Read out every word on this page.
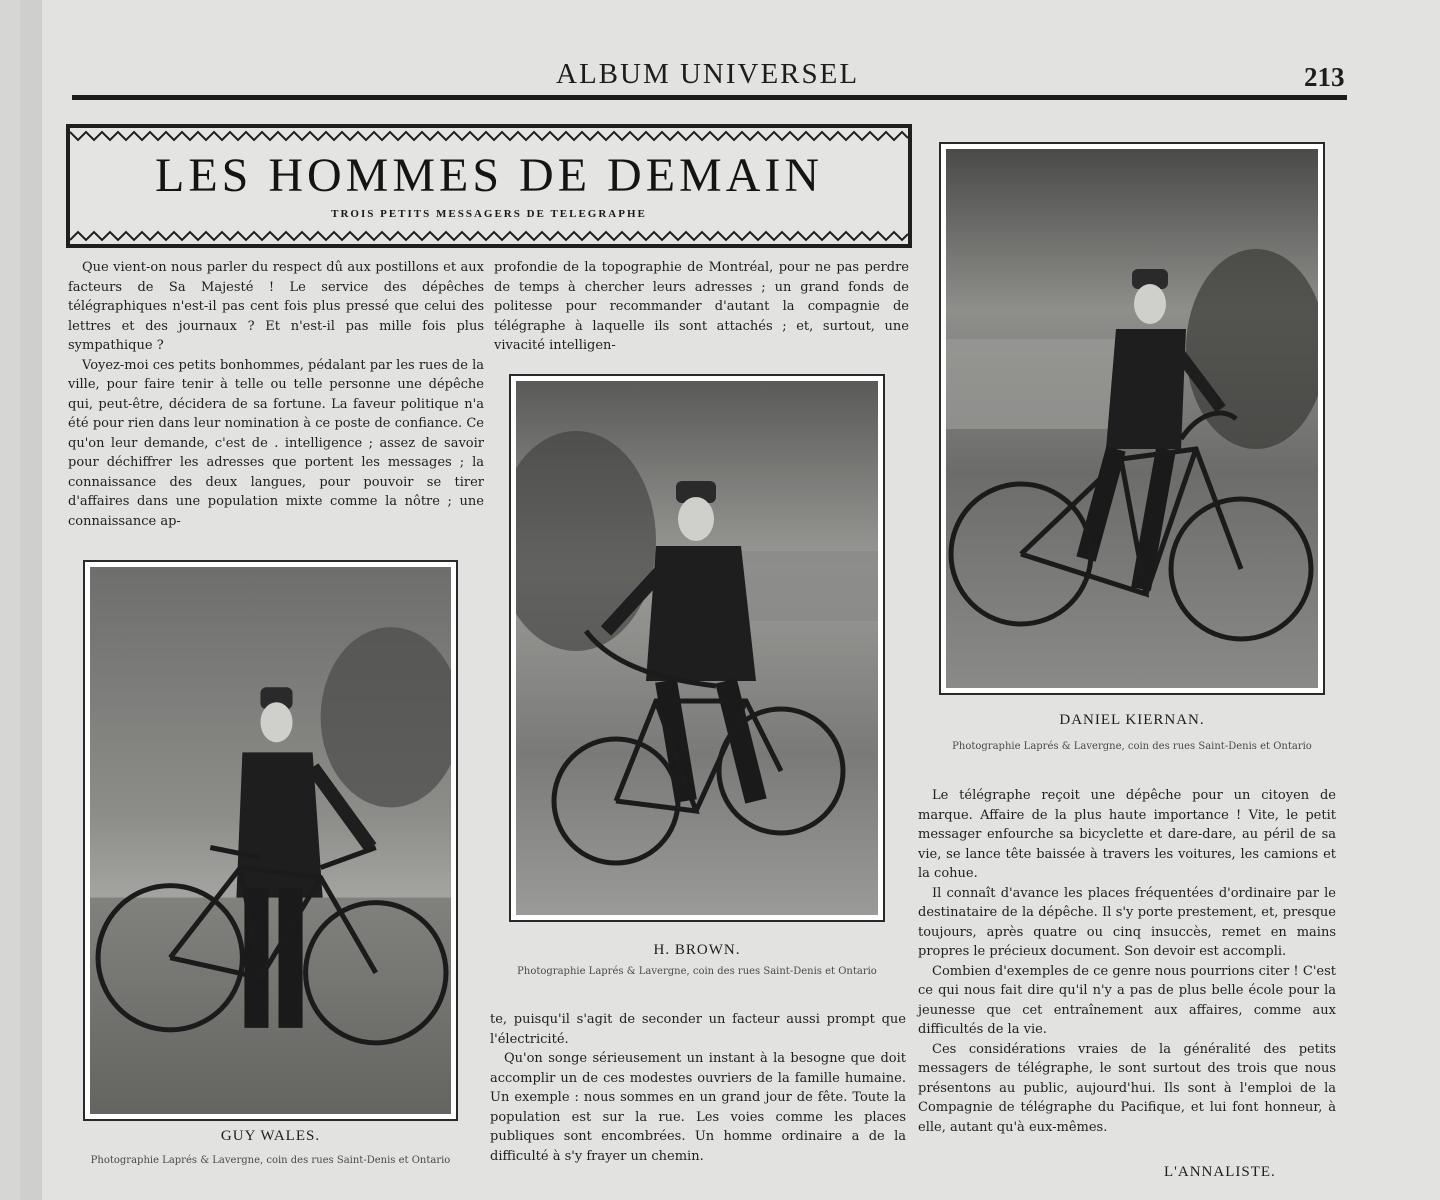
ALBUM UNIVERSEL	213
LES HOMMES DE DEMAIN
TROIS PETITS MESSAGERS DE TELEGRAPHE

Que vient-on nous parler du respect dû aux postillons et aux facteurs de Sa Majesté ! Le service des dépêches télégraphiques n'est-il pas cent fois plus pressé que celui des lettres et des journaux ? Et n'est-il pas mille fois plus sympathique ?

Voyez-moi ces petits bonhommes, pédalant par les rues de la ville, pour faire tenir à telle ou telle personne une dépêche qui, peut-être, décidera de sa fortune. La faveur politique n'a été pour rien dans leur nomination à ce poste de confiance. Ce qu'on leur demande, c'est de . intelligence ; assez de savoir pour déchiffrer les adresses que portent les messages ; la connaissance des deux langues, pour pouvoir se tirer d'affaires dans une population mixte comme la nôtre ; une connaissance ap-

profondie de la topographie de Montréal, pour ne pas perdre de temps à chercher leurs adresses ; un grand fonds de politesse pour recommander d'autant la compagnie de télégraphe à laquelle ils sont attachés ; et, surtout, une vivacité intelligen-

te, puisqu'il s'agit de seconder un facteur aussi prompt que l'électricité.

Qu'on songe sérieusement un instant à la besogne que doit accomplir un de ces modestes ouvriers de la famille humaine. Un exemple : nous sommes en un grand jour de fête. Toute la population est sur la rue. Les voies comme les places publiques sont encombrées. Un homme ordinaire a de la difficulté à s'y frayer un chemin.

Le télégraphe reçoit une dépêche pour un citoyen de marque. Affaire de la plus haute importance ! Vite, le petit messager enfourche sa bicyclette et dare-dare, au péril de sa vie, se lance tête baissée à travers les voitures, les camions et la cohue.

Il connaît d'avance les places fréquentées d'ordinaire par le destinataire de la dépêche. Il s'y porte prestement, et, presque toujours, après quatre ou cinq insuccès, remet en mains propres le précieux document. Son devoir est accompli.

Combien d'exemples de ce genre nous pourrions citer ! C'est ce qui nous fait dire qu'il n'y a pas de plus belle école pour la jeunesse que cet entraînement aux affaires, comme aux difficultés de la vie.

Ces considérations vraies de la généralité des petits messagers de télégraphe, le sont surtout des trois que nous présentons au public, aujourd'hui. Ils sont à l'emploi de la Compagnie de télégraphe du Pacifique, et lui font honneur, à elle, autant qu'à eux-mêmes.

L'ANNALISTE.
GUY WALES.
Photographie Laprés & Lavergne, coin des rues Saint-Denis et Ontario
H. BROWN.
Photographie Laprés & Lavergne, coin des rues Saint-Denis et Ontario
DANIEL KIERNAN.
Photographie Laprés & Lavergne, coin des rues Saint-Denis et Ontario
